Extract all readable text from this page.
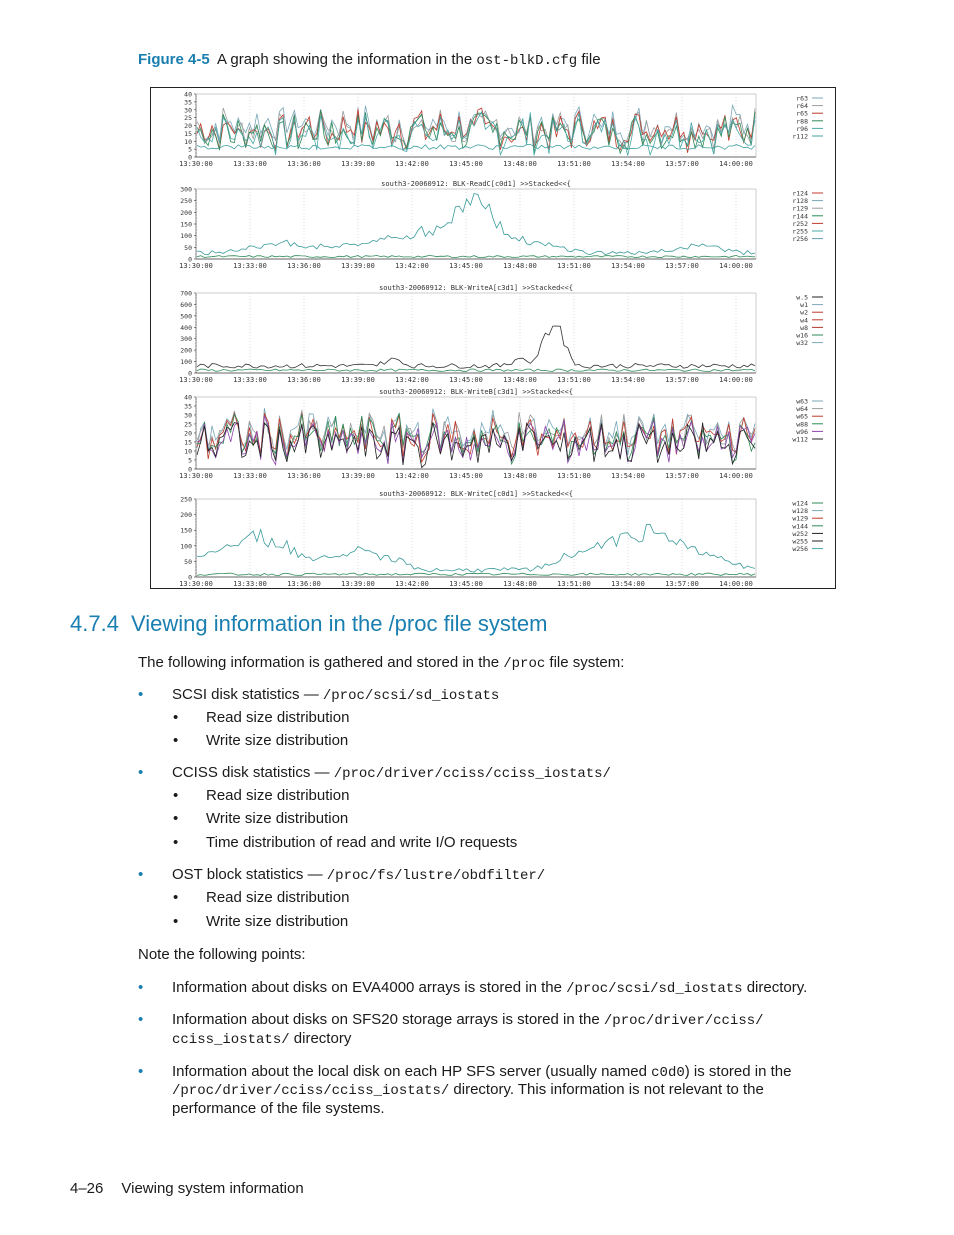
Figure 4-5 A graph showing the information in the ost-blkD.cfg file
40
35
30
25
20
15
10
5
0
13:30:00	13:33:00	13:36:00	13:39:00	13:42:00	13:45:00	13:48:00	13:51:00	13:54:00	13:57:00	14:00:00
r63
r64
r65
r88
r96
r112
south3-20060912: BLK-ReadC[c0d1] >>Stacked<<{
300
250
200
150
100
50
0
13:30:00	13:33:00	13:36:00	13:39:00	13:42:00	13:45:00	13:48:00	13:51:00	13:54:00	13:57:00	14:00:00
r124
r128
r129
r144
r252
r255
r256
south3-20060912: BLK-WriteA[c3d1] >>Stacked<<{
700
600
500
400
300
200
100
0
13:30:00	13:33:00	13:36:00	13:39:00	13:42:00	13:45:00	13:48:00	13:51:00	13:54:00	13:57:00	14:00:00
w.5
w1
w2
w4
w8
w16
w32
south3-20060912: BLK-WriteB[c3d1] >>Stacked<<{
40
35
30
25
20
15
10
5
0
13:30:00	13:33:00	13:36:00	13:39:00	13:42:00	13:45:00	13:48:00	13:51:00	13:54:00	13:57:00	14:00:00
w63
w64
w65
w88
w96
w112
south3-20060912: BLK-WriteC[c0d1] >>Stacked<<{
250
200
150
100
50
0
13:30:00	13:33:00	13:36:00	13:39:00	13:42:00	13:45:00	13:48:00	13:51:00	13:54:00	13:57:00	14:00:00
w124
w128
w129
w144
w252
w255
w256
4.7.4 Viewing information in the /proc file system
The following information is gathered and stored in the /proc file system:
• SCSI disk statistics — /proc/scsi/sd_iostats
• Read size distribution
• Write size distribution
• CCISS disk statistics — /proc/driver/cciss/cciss_iostats/
• Read size distribution
• Write size distribution
• Time distribution of read and write I/O requests
• OST block statistics — /proc/fs/lustre/obdfilter/
• Read size distribution
• Write size distribution
Note the following points:
• Information about disks on EVA4000 arrays is stored in the /proc/scsi/sd_iostats directory.
• Information about disks on SFS20 storage arrays is stored in the /proc/driver/cciss/
cciss_iostats/ directory
• Information about the local disk on each HP SFS server (usually named c0d0) is stored in the
/proc/driver/cciss/cciss_iostats/ directory. This information is not relevant to the
performance of the file systems.
4–26 Viewing system information
